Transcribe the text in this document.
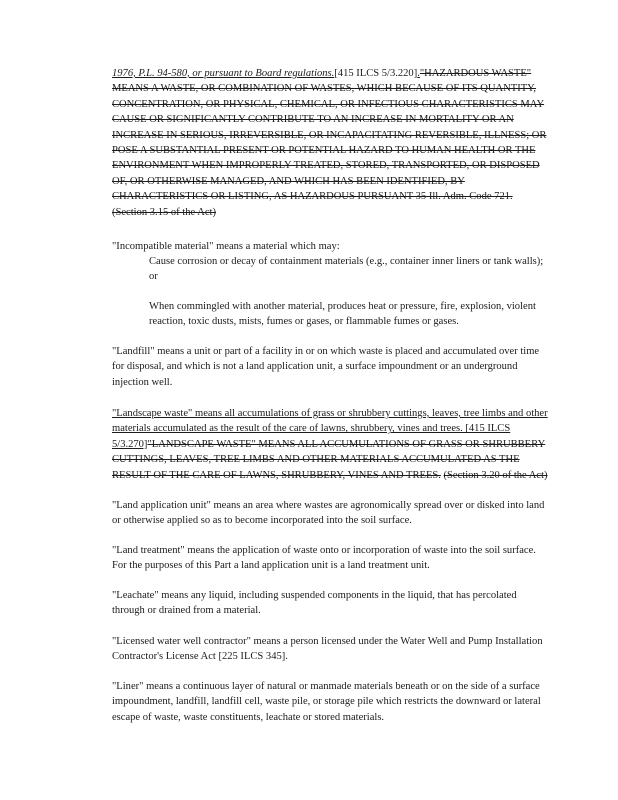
1976, P.L. 94-580, or pursuant to Board regulations.[415 ILCS 5/3.220]."HAZARDOUS WASTE" MEANS A WASTE, OR COMBINATION OF WASTES, WHICH BECAUSE OF ITS QUANTITY, CONCENTRATION, OR PHYSICAL, CHEMICAL, OR INFECTIOUS CHARACTERISTICS MAY CAUSE OR SIGNIFICANTLY CONTRIBUTE TO AN INCREASE IN MORTALITY OR AN INCREASE IN SERIOUS, IRREVERSIBLE, OR INCAPACITATING REVERSIBLE, ILLNESS; OR POSE A SUBSTANTIAL PRESENT OR POTENTIAL HAZARD TO HUMAN HEALTH OR THE ENVIRONMENT WHEN IMPROPERLY TREATED, STORED, TRANSPORTED, OR DISPOSED OF, OR OTHERWISE MANAGED, AND WHICH HAS BEEN IDENTIFIED, BY CHARACTERISTICS OR LISTING, AS HAZARDOUS PURSUANT 35 Ill. Adm. Code 721. (Section 3.15 of the Act)

"Incompatible material" means a material which may:

Cause corrosion or decay of containment materials (e.g., container inner liners or tank walls); or

When commingled with another material, produces heat or pressure, fire, explosion, violent reaction, toxic dusts, mists, fumes or gases, or flammable fumes or gases.

"Landfill" means a unit or part of a facility in or on which waste is placed and accumulated over time for disposal, and which is not a land application unit, a surface impoundment or an underground injection well.

"Landscape waste" means all accumulations of grass or shrubbery cuttings, leaves, tree limbs and other materials accumulated as the result of the care of lawns, shrubbery, vines and trees. [415 ILCS 5/3.270]"LANDSCAPE WASTE" MEANS ALL ACCUMULATIONS OF GRASS OR SHRUBBERY CUTTINGS, LEAVES, TREE LIMBS AND OTHER MATERIALS ACCUMULATED AS THE RESULT OF THE CARE OF LAWNS, SHRUBBERY, VINES AND TREES. (Section 3.20 of the Act)

"Land application unit" means an area where wastes are agronomically spread over or disked into land or otherwise applied so as to become incorporated into the soil surface.

"Land treatment" means the application of waste onto or incorporation of waste into the soil surface. For the purposes of this Part a land application unit is a land treatment unit.

"Leachate" means any liquid, including suspended components in the liquid, that has percolated through or drained from a material.

"Licensed water well contractor" means a person licensed under the Water Well and Pump Installation Contractor's License Act [225 ILCS 345].

"Liner" means a continuous layer of natural or manmade materials beneath or on the side of a surface impoundment, landfill, landfill cell, waste pile, or storage pile which restricts the downward or lateral escape of waste, waste constituents, leachate or stored materials.
